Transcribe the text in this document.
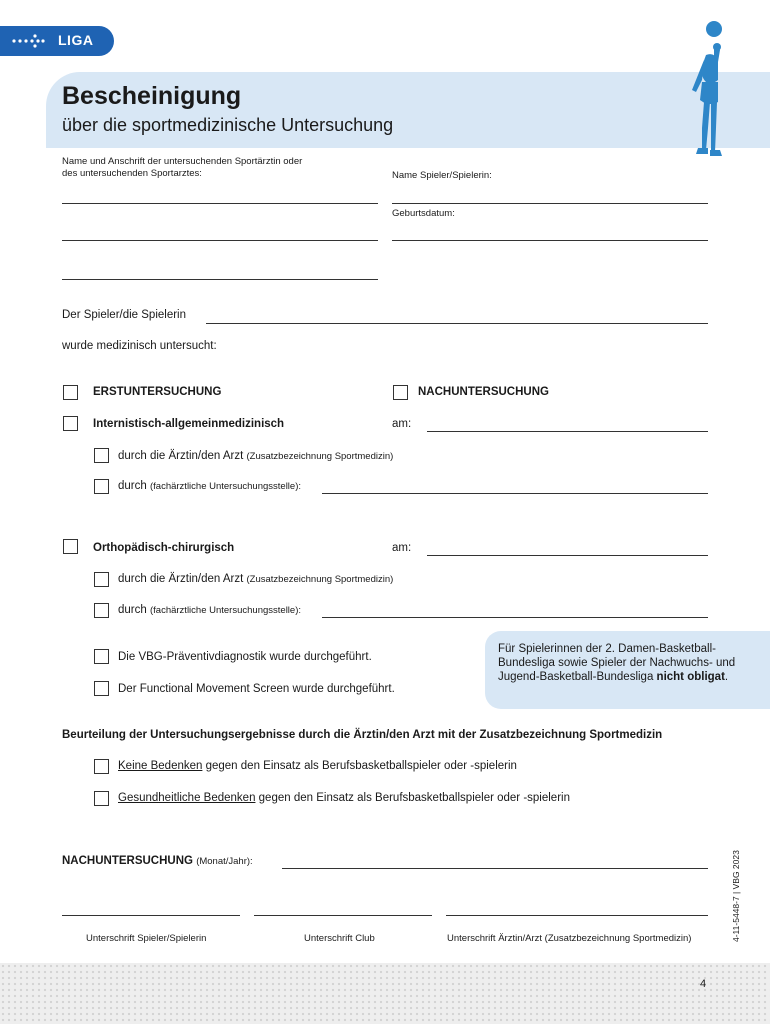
LIGA
Bescheinigung
über die sportmedizinische Untersuchung
Name und Anschrift der untersuchenden Sportärztin oder
des untersuchenden Sportarztes:	Name Spieler/Spielerin:
Geburtsdatum:
Der Spieler/die Spielerin
wurde medizinisch untersucht:
ERSTUNTERSUCHUNG	NACHUNTERSUCHUNG
Internistisch-allgemeinmedizinisch	am:
durch die Ärztin/den Arzt (Zusatzbezeichnung Sportmedizin)
durch (fachärztliche Untersuchungsstelle):
Orthopädisch-chirurgisch	am:
durch die Ärztin/den Arzt (Zusatzbezeichnung Sportmedizin)
durch (fachärztliche Untersuchungsstelle):
Die VBG-Präventivdiagnostik wurde durchgeführt.
Der Functional Movement Screen wurde durchgeführt.
Für Spielerinnen der 2. Damen-Basketball-Bundesliga sowie Spieler der Nachwuchs- und Jugend-Basketball-Bundesliga nicht obligat.
Beurteilung der Untersuchungsergebnisse durch die Ärztin/den Arzt mit der Zusatzbezeichnung Sportmedizin
Keine Bedenken gegen den Einsatz als Berufsbasketballspieler oder -spielerin
Gesundheitliche Bedenken gegen den Einsatz als Berufsbasketballspieler oder -spielerin
NACHUNTERSUCHUNG (Monat/Jahr):
Unterschrift Spieler/Spielerin	Unterschrift Club	Unterschrift Ärztin/Arzt (Zusatzbezeichnung Sportmedizin)	4-11-5448-7 | VBG 2023
4
